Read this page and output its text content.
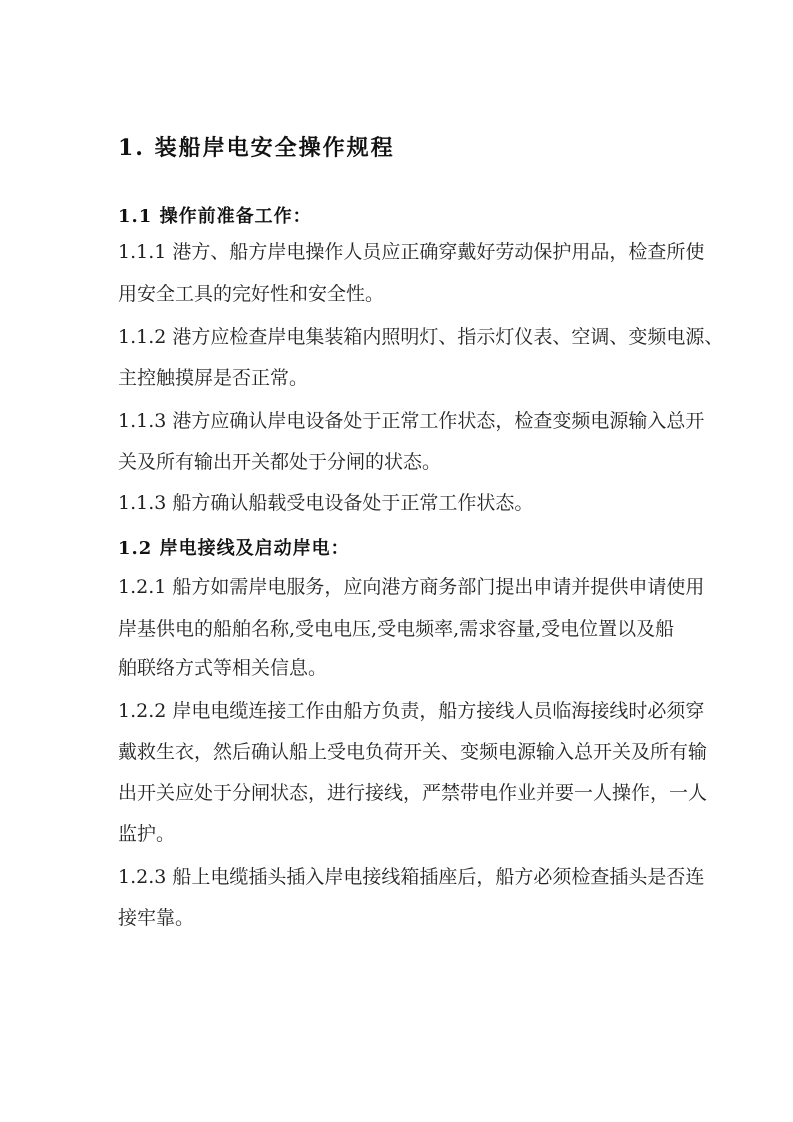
1. 装船岸电安全操作规程
1.1 操作前准备工作：
1.1.1 港方、船方岸电操作人员应正确穿戴好劳动保护用品，检查所使
用安全工具的完好性和安全性。
1.1.2 港方应检查岸电集装箱内照明灯、指示灯仪表、空调、变频电源、
主控触摸屏是否正常。
1.1.3 港方应确认岸电设备处于正常工作状态，检查变频电源输入总开
关及所有输出开关都处于分闸的状态。
1.1.3 船方确认船载受电设备处于正常工作状态。
1.2 岸电接线及启动岸电：
1.2.1 船方如需岸电服务，应向港方商务部门提出申请并提供申请使用
岸基供电的船舶名称,受电电压,受电频率,需求容量,受电位置以及船
舶联络方式等相关信息。
1.2.2 岸电电缆连接工作由船方负责，船方接线人员临海接线时必须穿
戴救生衣，然后确认船上受电负荷开关、变频电源输入总开关及所有输
出开关应处于分闸状态，进行接线，严禁带电作业并要一人操作，一人
监护。
1.2.3 船上电缆插头插入岸电接线箱插座后，船方必须检查插头是否连
接牢靠。
